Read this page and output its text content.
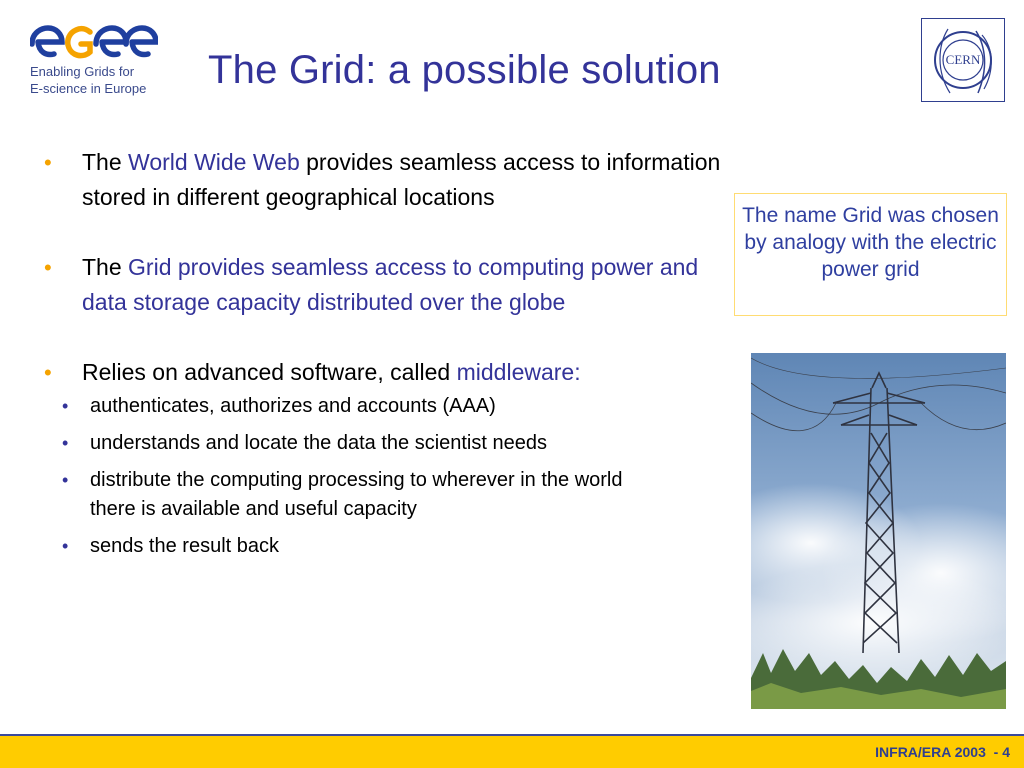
Enabling Grids for
E-science in Europe	The Grid: a possible solution	CERN
• The World Wide Web provides seamless access to information stored in different geographical locations
• The Grid provides seamless access to computing power and data storage capacity distributed over the globe
• Relies on advanced software, called middleware:
• authenticates, authorizes and accounts (AAA)
• understands and locate the data the scientist needs
• distribute the computing processing to wherever in the world there is available and useful capacity
• sends the result back
The name Grid was chosen by analogy with the electric power grid
INFRA/ERA 2003  - 4
